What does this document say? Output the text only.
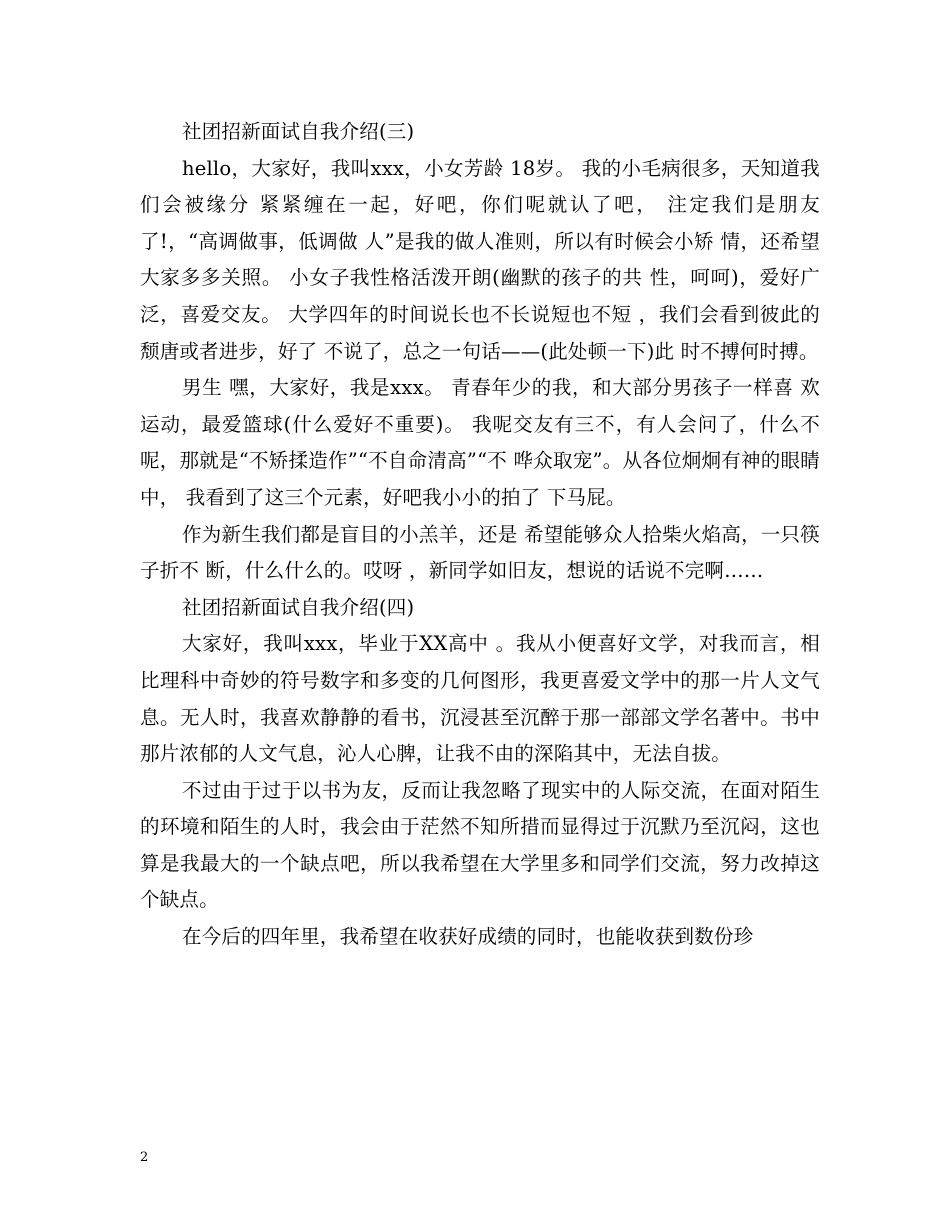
社团招新面试自我介绍(三)

hello，大家好，我叫xxx，小女芳龄 18岁。 我的小毛病很多，天知道我们会被缘分 紧紧缠在一起，好吧，你们呢就认了吧， 注定我们是朋友了!，“高调做事，低调做 人”是我的做人准则，所以有时候会小矫 情，还希望大家多多关照。 小女子我性格活泼开朗(幽默的孩子的共 性，呵呵)，爱好广泛，喜爱交友。 大学四年的时间说长也不长说短也不短 ，我们会看到彼此的颓唐或者进步，好了 不说了，总之一句话——(此处顿一下)此 时不搏何时搏。

男生 嘿，大家好，我是xxx。 青春年少的我，和大部分男孩子一样喜 欢运动，最爱篮球(什么爱好不重要)。 我呢交友有三不，有人会问了，什么不 呢，那就是“不矫揉造作”“不自命清高”“不 哗众取宠”。从各位炯炯有神的眼睛中， 我看到了这三个元素，好吧我小小的拍了 下马屁。

作为新生我们都是盲目的小羔羊，还是 希望能够众人拾柴火焰高，一只筷子折不 断，什么什么的。哎呀 ，新同学如旧友，想说的话说不完啊……

社团招新面试自我介绍(四)

大家好，我叫xxx，毕业于XX高中 。我从小便喜好文学，对我而言，相比理科中奇妙的符号数字和多变的几何图形，我更喜爱文学中的那一片人文气息。无人时，我喜欢静静的看书，沉浸甚至沉醉于那一部部文学名著中。书中那片浓郁的人文气息，沁人心脾，让我不由的深陷其中，无法自拔。

不过由于过于以书为友，反而让我忽略了现实中的人际交流，在面对陌生的环境和陌生的人时，我会由于茫然不知所措而显得过于沉默乃至沉闷，这也算是我最大的一个缺点吧，所以我希望在大学里多和同学们交流，努力改掉这个缺点。

在今后的四年里，我希望在收获好成绩的同时，也能收获到数份珍

2
